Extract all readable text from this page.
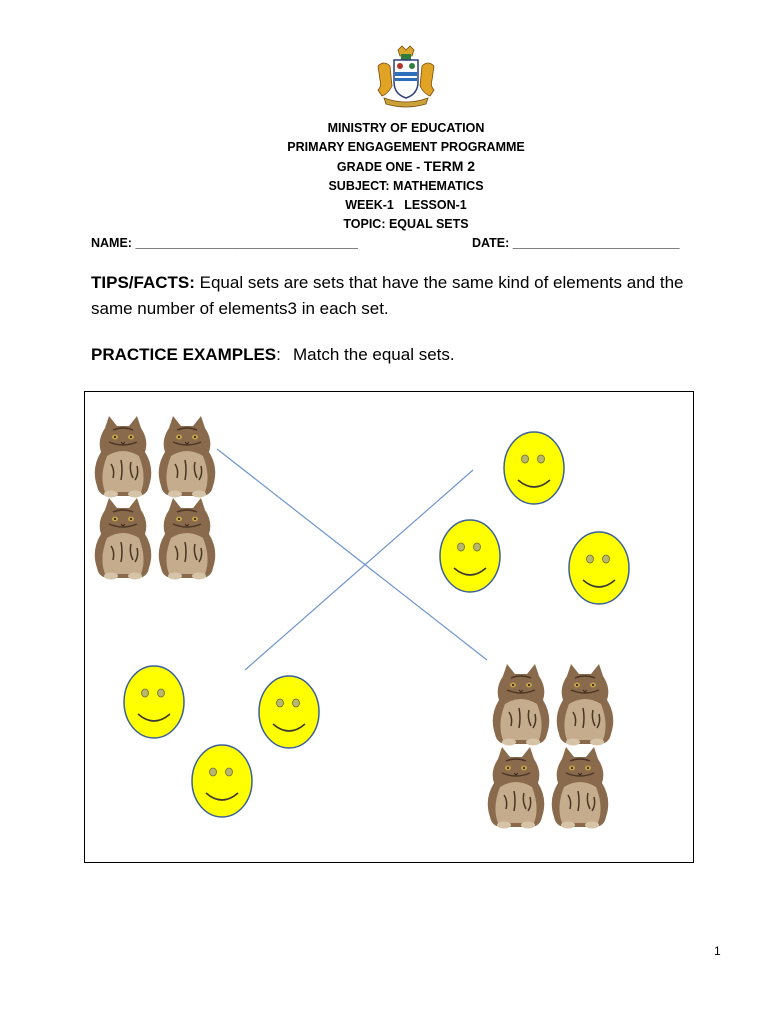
MINISTRY OF EDUCATION
PRIMARY ENGAGEMENT PROGRAMME
GRADE ONE - TERM 2
SUBJECT: MATHEMATICS
WEEK-1   LESSON-1
TOPIC: EQUAL SETS
NAME: ________________________________	DATE: ________________________
TIPS/FACTS: Equal sets are sets that have the same kind of elements and the same number of elements3 in each set.
PRACTICE EXAMPLES: Match the equal sets.
1
